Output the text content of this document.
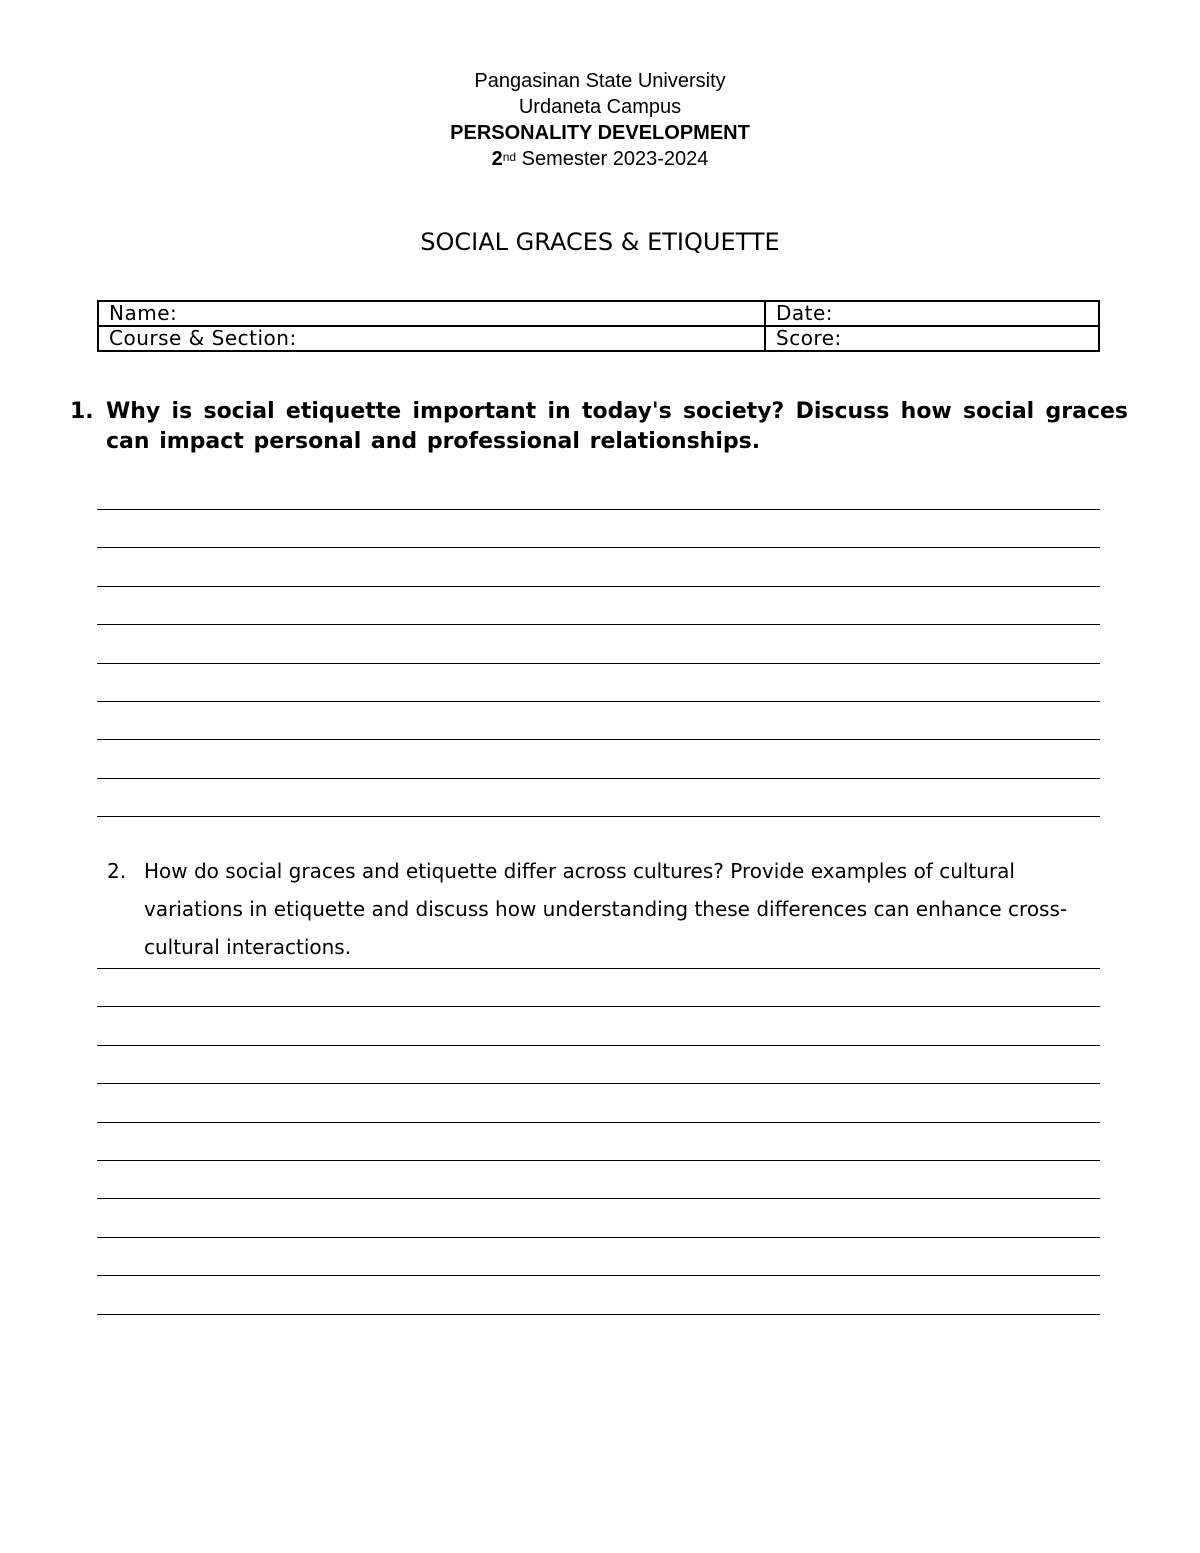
Pangasinan State University
Urdaneta Campus
PERSONALITY DEVELOPMENT
2nd Semester 2023-2024
SOCIAL GRACES & ETIQUETTE
Name:	Date:
Course & Section:	Score:
1. Why is social etiquette important in today's society? Discuss how social graces can impact personal and professional relationships.
2. How do social graces and etiquette differ across cultures? Provide examples of cultural variations in etiquette and discuss how understanding these differences can enhance cross-cultural interactions.
